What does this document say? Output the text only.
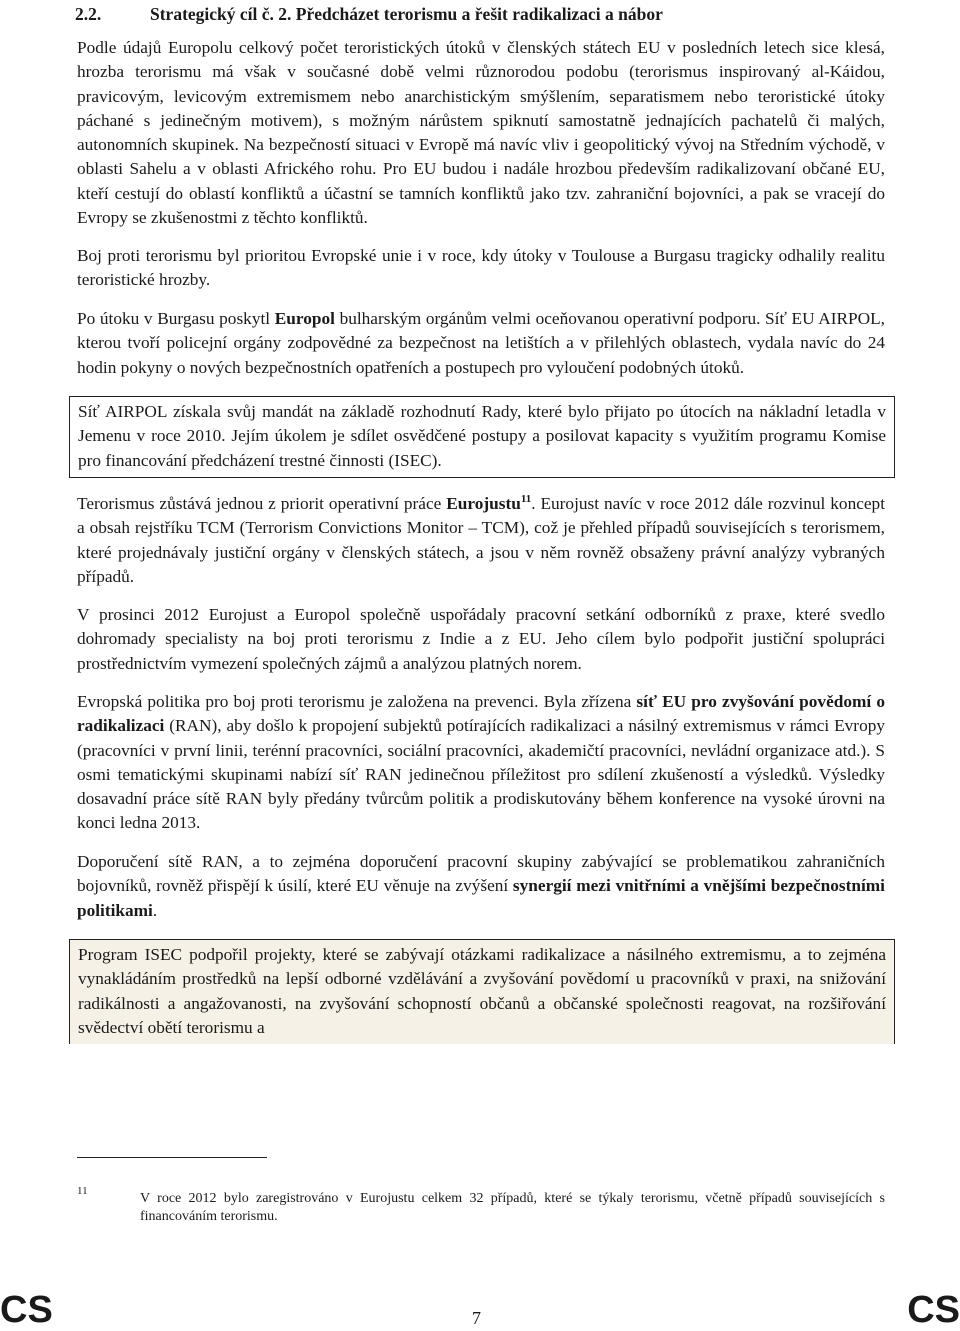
2.2.	Strategický cíl č. 2. Předcházet terorismu a řešit radikalizaci a nábor

Podle údajů Europolu celkový počet teroristických útoků v členských státech EU v posledních letech sice klesá, hrozba terorismu má však v současné době velmi různorodou podobu (terorismus inspirovaný al-Káidou, pravicovým, levicovým extremismem nebo anarchistickým smýšlením, separatismem nebo teroristické útoky páchané s jedinečným motivem), s možným nárůstem spiknutí samostatně jednajících pachatelů či malých, autonomních skupinek. Na bezpečností situaci v Evropě má navíc vliv i geopolitický vývoj na Středním východě, v oblasti Sahelu a v oblasti Afrického rohu. Pro EU budou i nadále hrozbou především radikalizovaní občané EU, kteří cestují do oblastí konfliktů a účastní se tamních konfliktů jako tzv. zahraniční bojovníci, a pak se vracejí do Evropy se zkušenostmi z těchto konfliktů.

Boj proti terorismu byl prioritou Evropské unie i v roce, kdy útoky v Toulouse a Burgasu tragicky odhalily realitu teroristické hrozby.

Po útoku v Burgasu poskytl Europol bulharským orgánům velmi oceňovanou operativní podporu. Síť EU AIRPOL, kterou tvoří policejní orgány zodpovědné za bezpečnost na letištích a v přilehlých oblastech, vydala navíc do 24 hodin pokyny o nových bezpečnostních opatřeních a postupech pro vyloučení podobných útoků.

Síť AIRPOL získala svůj mandát na základě rozhodnutí Rady, které bylo přijato po útocích na nákladní letadla v Jemenu v roce 2010. Jejím úkolem je sdílet osvědčené postupy a posilovat kapacity s využitím programu Komise pro financování předcházení trestné činnosti (ISEC).

Terorismus zůstává jednou z priorit operativní práce Eurojustu$^{11}$. Eurojust navíc v roce 2012 dále rozvinul koncept a obsah rejstříku TCM (Terrorism Convictions Monitor – TCM), což je přehled případů souvisejících s terorismem, které projednávaly justiční orgány v členských státech, a jsou v něm rovněž obsaženy právní analýzy vybraných případů.

V prosinci 2012 Eurojust a Europol společně uspořádaly pracovní setkání odborníků z praxe, které svedlo dohromady specialisty na boj proti terorismu z Indie a z EU. Jeho cílem bylo podpořit justiční spolupráci prostřednictvím vymezení společných zájmů a analýzou platných norem.

Evropská politika pro boj proti terorismu je založena na prevenci. Byla zřízena síť EU pro zvyšování povědomí o radikalizaci (RAN), aby došlo k propojení subjektů potírajících radikalizaci a násilný extremismus v rámci Evropy (pracovníci v první linii, terénní pracovníci, sociální pracovníci, akademičtí pracovníci, nevládní organizace atd.). S osmi tematickými skupinami nabízí síť RAN jedinečnou příležitost pro sdílení zkušeností a výsledků. Výsledky dosavadní práce sítě RAN byly předány tvůrcům politik a prodiskutovány během konference na vysoké úrovni na konci ledna 2013.

Doporučení sítě RAN, a to zejména doporučení pracovní skupiny zabývající se problematikou zahraničních bojovníků, rovněž přispějí k úsilí, které EU věnuje na zvýšení synergií mezi vnitřními a vnějšími bezpečnostními politikami.

Program ISEC podpořil projekty, které se zabývají otázkami radikalizace a násilného extremismu, a to zejména vynakládáním prostředků na lepší odborné vzdělávání a zvyšování povědomí u pracovníků v praxi, na snižování radikálnosti a angažovanosti, na zvyšování schopností občanů a občanské společnosti reagovat, na rozšiřování svědectví obětí terorismu a

11	V roce 2012 bylo zaregistrováno v Eurojustu celkem 32 případů, které se týkaly terorismu, včetně případů souvisejících s financováním terorismu.
CS	7	CS
